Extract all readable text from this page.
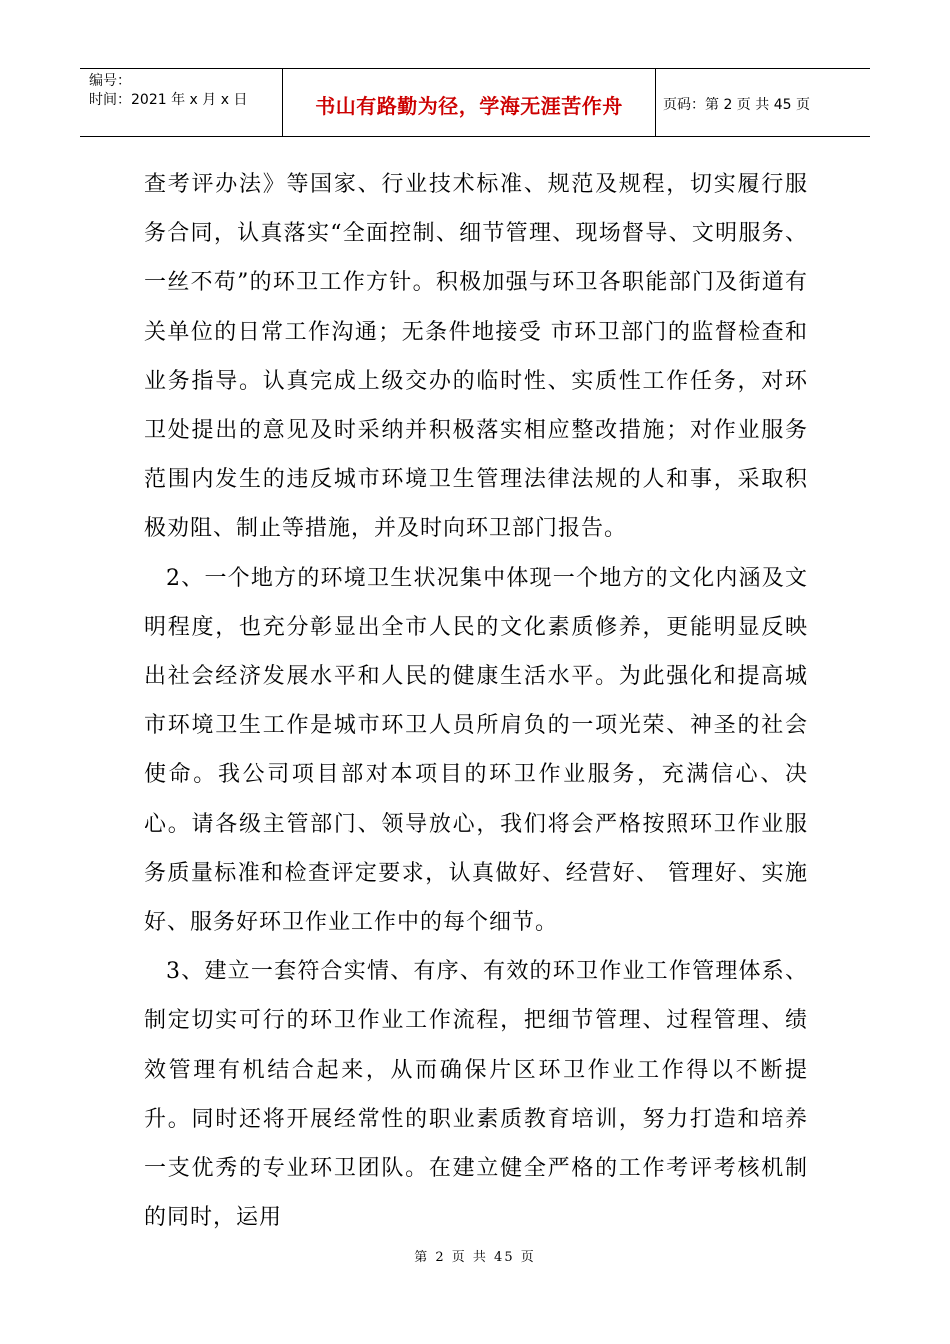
编号：
时间：2021 年 x 月 x 日	书山有路勤为径，学海无涯苦作舟	页码：第 2 页 共 45 页

查考评办法》等国家、行业技术标准、规范及规程，切实履行服务合同，认真落实“全面控制、细节管理、现场督导、文明服务、一丝不苟”的环卫工作方针。积极加强与环卫各职能部门及街道有关单位的日常工作沟通；无条件地接受 市环卫部门的监督检查和业务指导。认真完成上级交办的临时性、实质性工作任务，对环卫处提出的意见及时采纳并积极落实相应整改措施；对作业服务范围内发生的违反城市环境卫生管理法律法规的人和事，采取积极劝阻、制止等措施，并及时向环卫部门报告。

2、一个地方的环境卫生状况集中体现一个地方的文化内涵及文明程度，也充分彰显出全市人民的文化素质修养，更能明显反映出社会经济发展水平和人民的健康生活水平。为此强化和提高城市环境卫生工作是城市环卫人员所肩负的一项光荣、神圣的社会使命。我公司项目部对本项目的环卫作业服务，充满信心、决心。请各级主管部门、领导放心，我们将会严格按照环卫作业服务质量标准和检查评定要求，认真做好、经营好、 管理好、实施好、服务好环卫作业工作中的每个细节。

3、建立一套符合实情、有序、有效的环卫作业工作管理体系、制定切实可行的环卫作业工作流程，把细节管理、过程管理、绩效管理有机结合起来，从而确保片区环卫作业工作得以不断提升。同时还将开展经常性的职业素质教育培训，努力打造和培养一支优秀的专业环卫团队。在建立健全严格的工作考评考核机制的同时，运用

第 2 页 共 45 页
